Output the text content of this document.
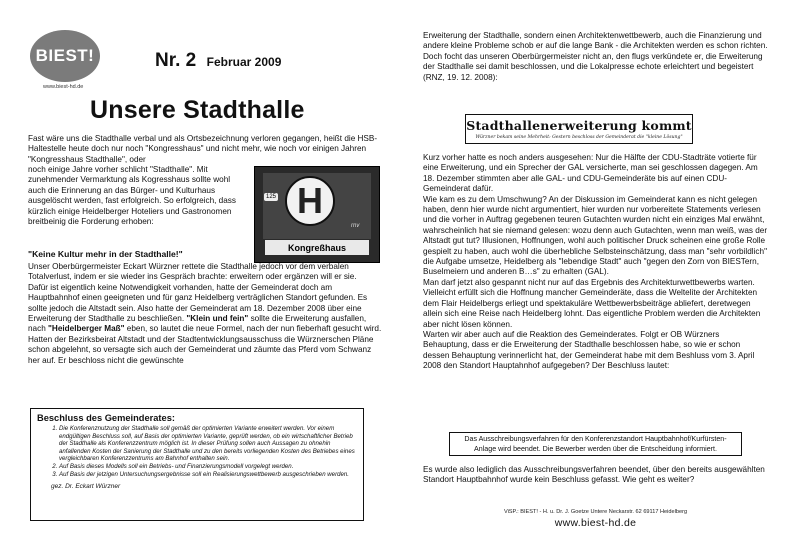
BIEST!
www.biest-hd.de
Nr. 2 Februar 2009
Unsere Stadthalle
Fast wäre uns die Stadthalle verbal und als Ortsbezeichnung verloren gegangen, heißt die HSB-Haltestelle heute doch nur noch "Kongresshaus" und nicht mehr, wie noch vor einigen Jahren "Kongresshaus Stadthalle", oder
noch einige Jahre vorher schlicht "Stadthalle". Mit zunehmender Vermarktung als Kogresshaus sollte wohl auch die Erinnerung an das Bürger- und Kulturhaus ausgelöscht werden, fast erfolgreich. So erfolgreich, dass kürzlich einige Heidelberger Hoteliers und Gastronomen breitbeinig die Forderung erhoben:
125 H
rnv
Kongreßhaus
"Keine Kultur mehr in der Stadthalle!"
Unser Oberbürgermeister Eckart Würzner rettete die Stadthalle jedoch vor dem verbalen Totalverlust, indem er sie wieder ins Gespräch brachte: erweitern oder ergänzen will er sie.
Dafür ist eigentlich keine Notwendigkeit vorhanden, hatte der Gemeinderat doch am Hauptbahnhof einen geeigneten und für ganz Heidelberg verträglichen Standort gefunden. Es sollte jedoch die Altstadt sein. Also hatte der Gemeinderat am 18. Dezember 2008 über eine Erweiterung der Stadthalle zu beschließen. "Klein und fein" sollte die Erweiterung ausfallen, nach "Heidelberger Maß" eben, so lautet die neue Formel, nach der nun fieberhaft gesucht wird.
Hatten der Bezirksbeirat Altstadt und der Stadtentwicklungsausschuss die Würznerschen Pläne schon abgelehnt, so versagte sich auch der Gemeinderat und zäumte das Pferd vom Schwanz her auf. Er beschloss nicht die gewünschte
Beschluss des Gemeinderates:
1. Die Konferenznutzung der Stadthalle soll gemäß der optimierten Variante erweitert werden. Vor einem endgültigen Beschluss soll, auf Basis der optimierten Variante, geprüft werden, ob ein wirtschaftlicher Betrieb der Stadthalle als Konferenzzentrum möglich ist. In dieser Prüfung sollen auch Aussagen zu ohnehin anfallenden Kosten der Sanierung der Stadthalle und zu den bereits vorliegenden Kosten des Betriebes eines vergleichbaren Konferenzzentrums am Bahnhof enthalten sein.
2. Auf Basis dieses Modells soll ein Betriebs- und Finanzierungsmodell vorgelegt werden.
3. Auf Basis der jetzigen Untersuchungsergebnisse soll ein Realisierungswettbewerb ausgeschrieben werden.
gez. Dr. Eckart Würzner
Erweiterung der Stadthalle, sondern einen Architektenwettbewerb, auch die Finanzierung und andere kleine Probleme schob er auf die lange Bank - die Architekten werden es schon richten.
Doch focht das unseren Oberbürgermeister nicht an, den flugs verkündete er, die Erweiterung der Stadthalle sei damit beschlossen, und die Lokalpresse echote erleichtert und begeistert (RNZ, 19. 12. 2008):
Stadthallenerweiterung kommt
Würzner bekam seine Mehrheit: Gestern beschloss der Gemeinderat die "kleine Lösung"
Kurz vorher hatte es noch anders ausgesehen: Nur die Hälfte der CDU-Stadträte votierte für eine Erweiterung, und ein Sprecher der GAL versicherte, man sei geschlossen dagegen. Am 18. Dezember stimmten aber alle GAL- und CDU-Gemeinderäte bis auf einen CDU-Gemeinderat dafür.
Wie kam es zu dem Umschwung? An der Diskussion im Gemeinderat kann es nicht gelegen haben, denn hier wurde nicht argumentiert, hier wurden nur vorbereitete Statements verlesen und die vorher in Auftrag gegebenen teuren Gutachten wurden nicht ein einziges Mal erwähnt, wahrscheinlich hat sie niemand gelesen: wozu denn auch Gutachten, wenn man weiß, was der Altstadt gut tut? Illusionen, Hoffnungen, wohl auch politischer Druck scheinen eine große Rolle gespielt zu haben, auch wohl die überhebliche Selbsteinschätzung, dass man "sehr vorbildlich" die Aufgabe umsetze, Heidelberg als "lebendige Stadt" auch "gegen den Zorn von BIESTern, Buselmeiern und anderen B…s" zu erhalten (GAL).
Man darf jetzt also gespannt nicht nur auf das Ergebnis des Architekturwettbewerbs warten. Vielleicht erfüllt sich die Hoffnung mancher Gemeinderäte, dass die Weltelite der Architekten dem Flair Heidelbergs erliegt und spektakuläre Wettbewerbsbeiträge abliefert, deretwegen allein sich eine Reise nach Heidelberg lohnt. Das eigentliche Problem werden die Architekten aber nicht lösen können.
Warten wir aber auch auf die Reaktion des Gemeinderates. Folgt er OB Würzners Behauptung, dass er die Erweiterung der Stadthalle beschlossen habe, so wie er schon dessen Behauptung verinnerlicht hat, der Gemeinderat habe mit dem Beshluss vom 3. April 2008 den Standort Hauptahnhof aufgegeben? Der Beschluss lautet:
Das Ausschreibungsverfahren für den Konferenzstandort Hauptbahnhof/Kurfürsten-
Anlage wird beendet. Die Bewerber werden über die Entscheidung informiert.
Es wurde also lediglich das Ausschreibungsverfahren beendet, über den bereits ausgewählten Standort Hauptbahnhof wurde kein Beschluss gefasst. Wie geht es weiter?
ViSP.: BIEST! - H. u. Dr. J. Goetze Untere Neckarstr. 62 69117 Heidelberg
www.biest-hd.de
